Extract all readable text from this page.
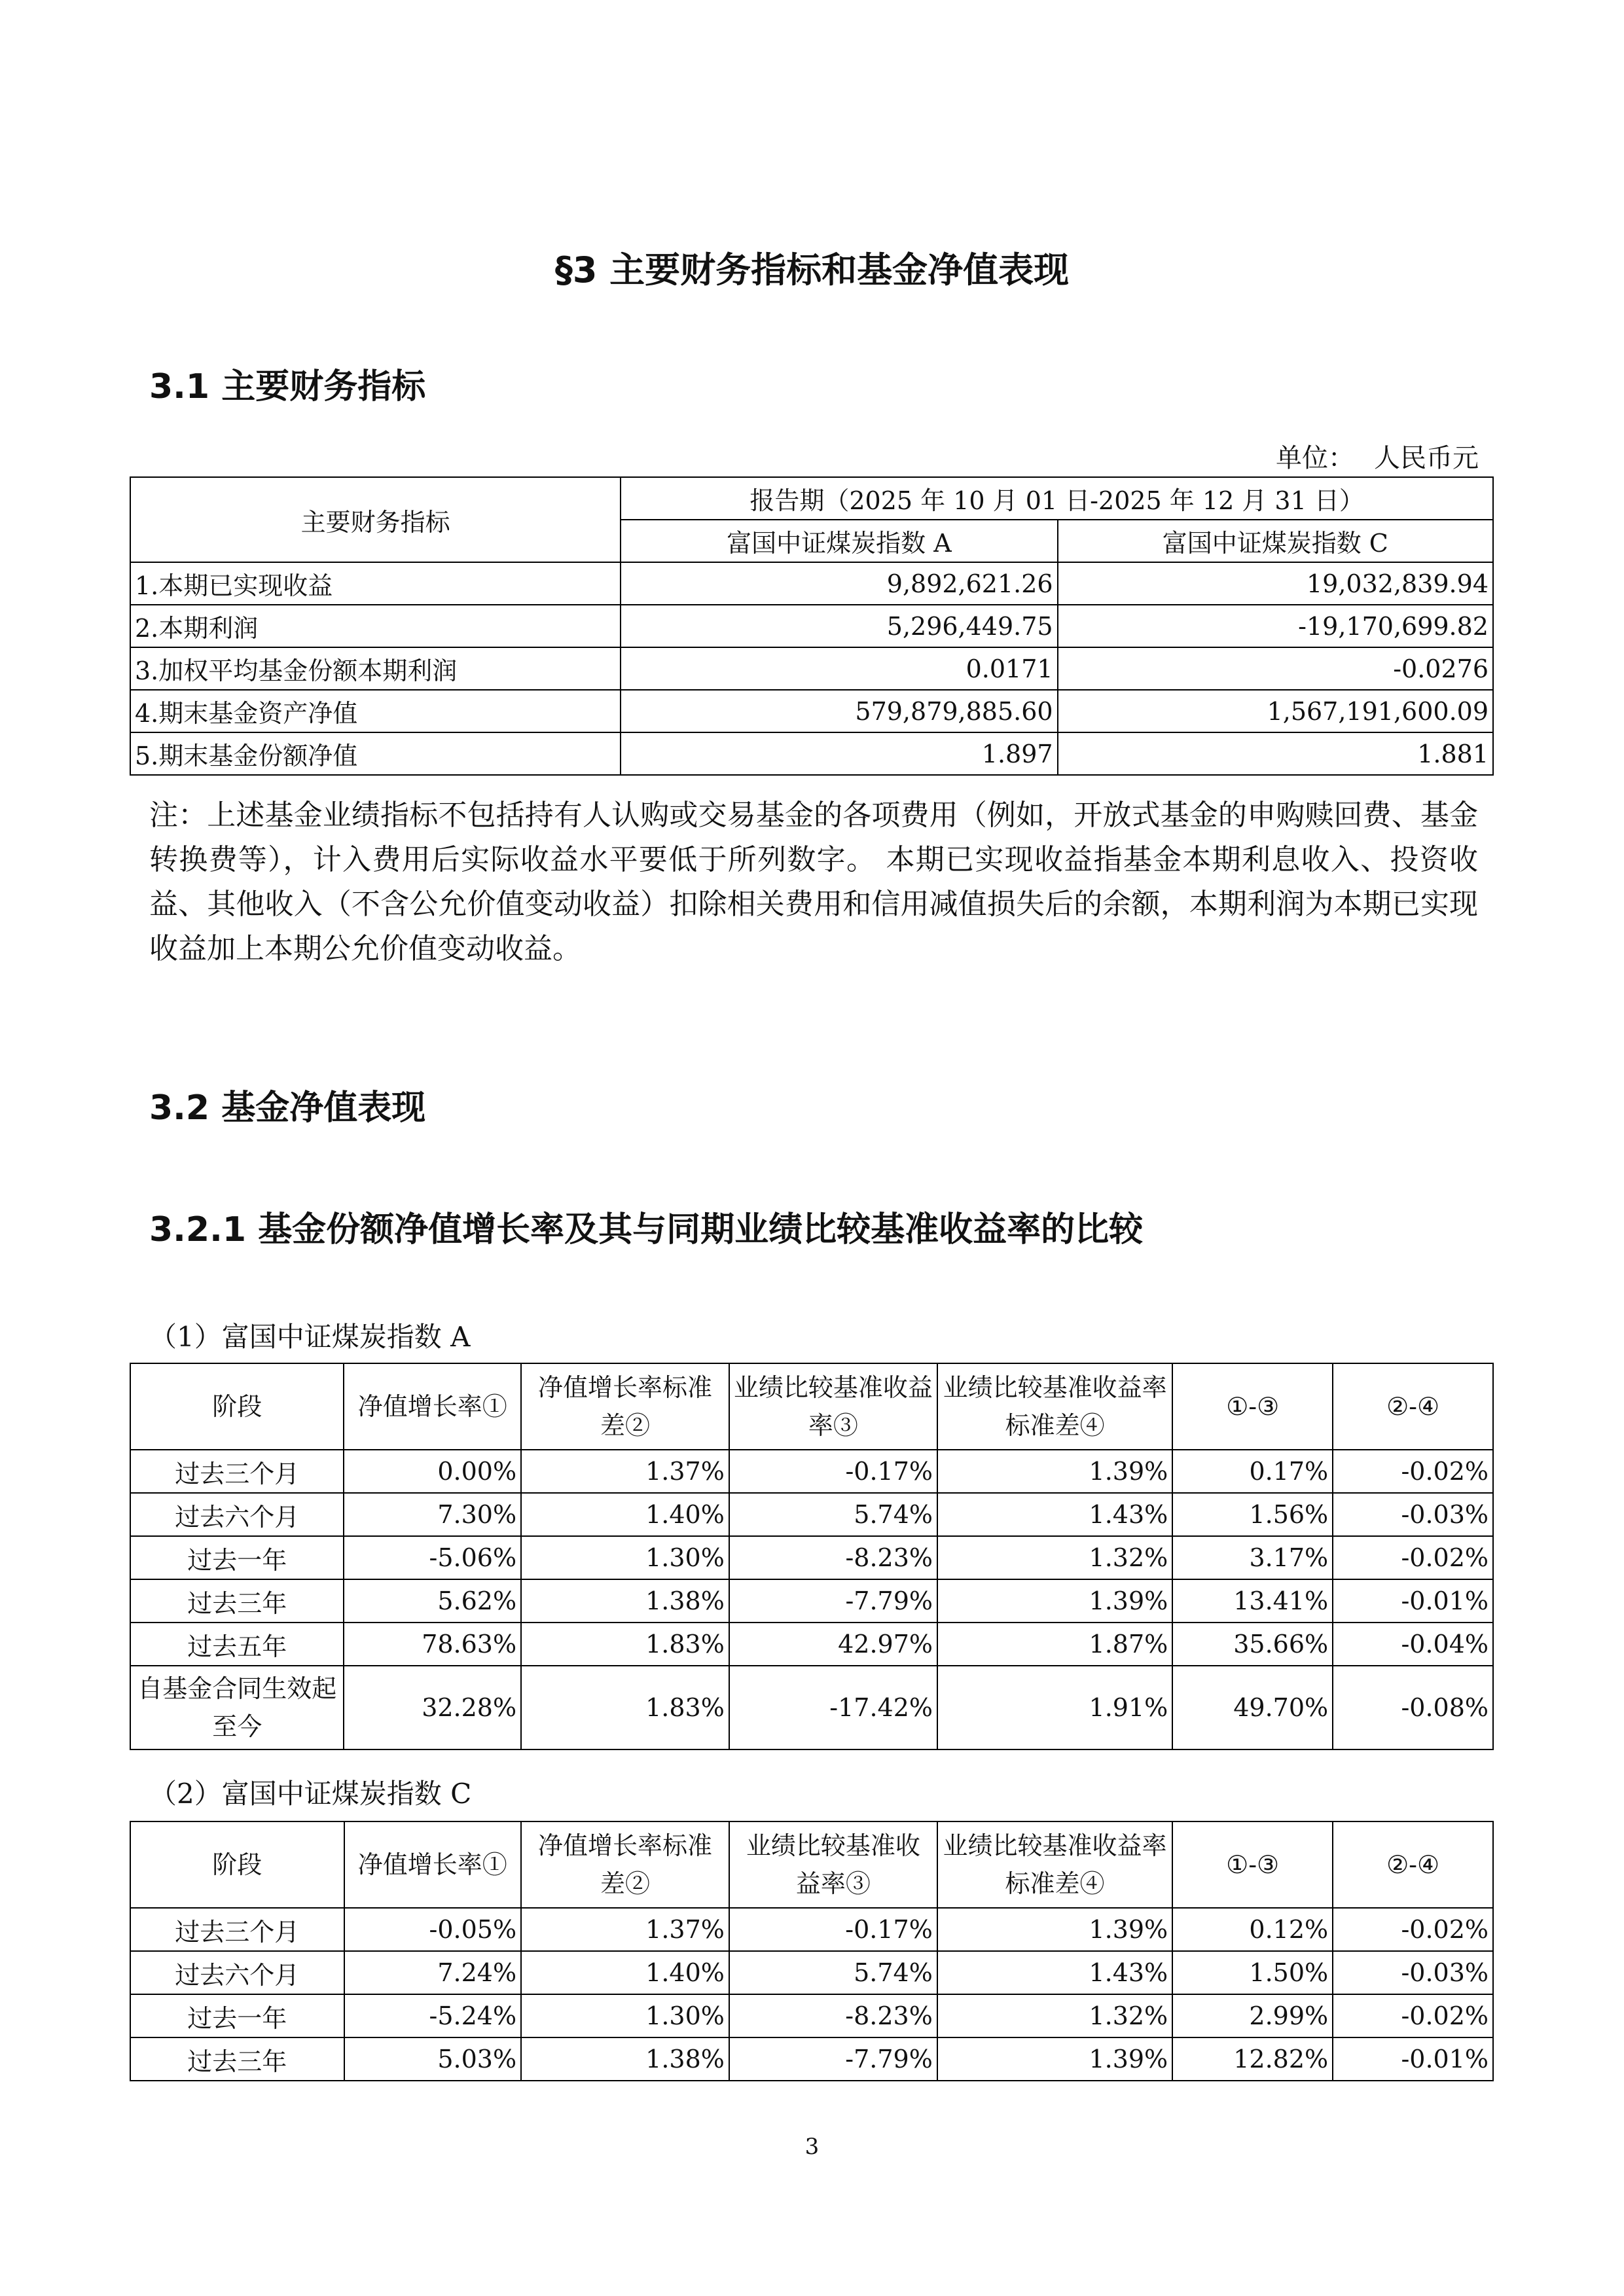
§3 主要财务指标和基金净值表现
3.1 主要财务指标
单位： 人民币元
主要财务指标	报告期（2025 年 10 月 01 日-2025 年 12 月 31 日）	
	富国中证煤炭指数 A	富国中证煤炭指数 C
1.本期已实现收益	9,892,621.26	19,032,839.94
2.本期利润	5,296,449.75	-19,170,699.82
3.加权平均基金份额本期利润	0.0171	-0.0276
4.期末基金资产净值	579,879,885.60	1,567,191,600.09
5.期末基金份额净值	1.897	1.881
注：上述基金业绩指标不包括持有人认购或交易基金的各项费用（例如，开放式基金的申购赎回费、基金转换费等），计入费用后实际收益水平要低于所列数字。 本期已实现收益指基金本期利息收入、投资收益、其他收入（不含公允价值变动收益）扣除相关费用和信用减值损失后的余额，本期利润为本期已实现收益加上本期公允价值变动收益。
3.2 基金净值表现
3.2.1 基金份额净值增长率及其与同期业绩比较基准收益率的比较
（1）富国中证煤炭指数 A
阶段	净值增长率①	净值增长率标准差②	业绩比较基准收益率③	业绩比较基准收益率标准差④	①-③	②-④
过去三个月	0.00%	1.37%	-0.17%	1.39%	0.17%	-0.02%
过去六个月	7.30%	1.40%	5.74%	1.43%	1.56%	-0.03%
过去一年	-5.06%	1.30%	-8.23%	1.32%	3.17%	-0.02%
过去三年	5.62%	1.38%	-7.79%	1.39%	13.41%	-0.01%
过去五年	78.63%	1.83%	42.97%	1.87%	35.66%	-0.04%
自基金合同生效起至今	32.28%	1.83%	-17.42%	1.91%	49.70%	-0.08%
（2）富国中证煤炭指数 C
阶段	净值增长率①	净值增长率标准差②	业绩比较基准收益率③	业绩比较基准收益率标准差④	①-③	②-④
过去三个月	-0.05%	1.37%	-0.17%	1.39%	0.12%	-0.02%
过去六个月	7.24%	1.40%	5.74%	1.43%	1.50%	-0.03%
过去一年	-5.24%	1.30%	-8.23%	1.32%	2.99%	-0.02%
过去三年	5.03%	1.38%	-7.79%	1.39%	12.82%	-0.01%
3
